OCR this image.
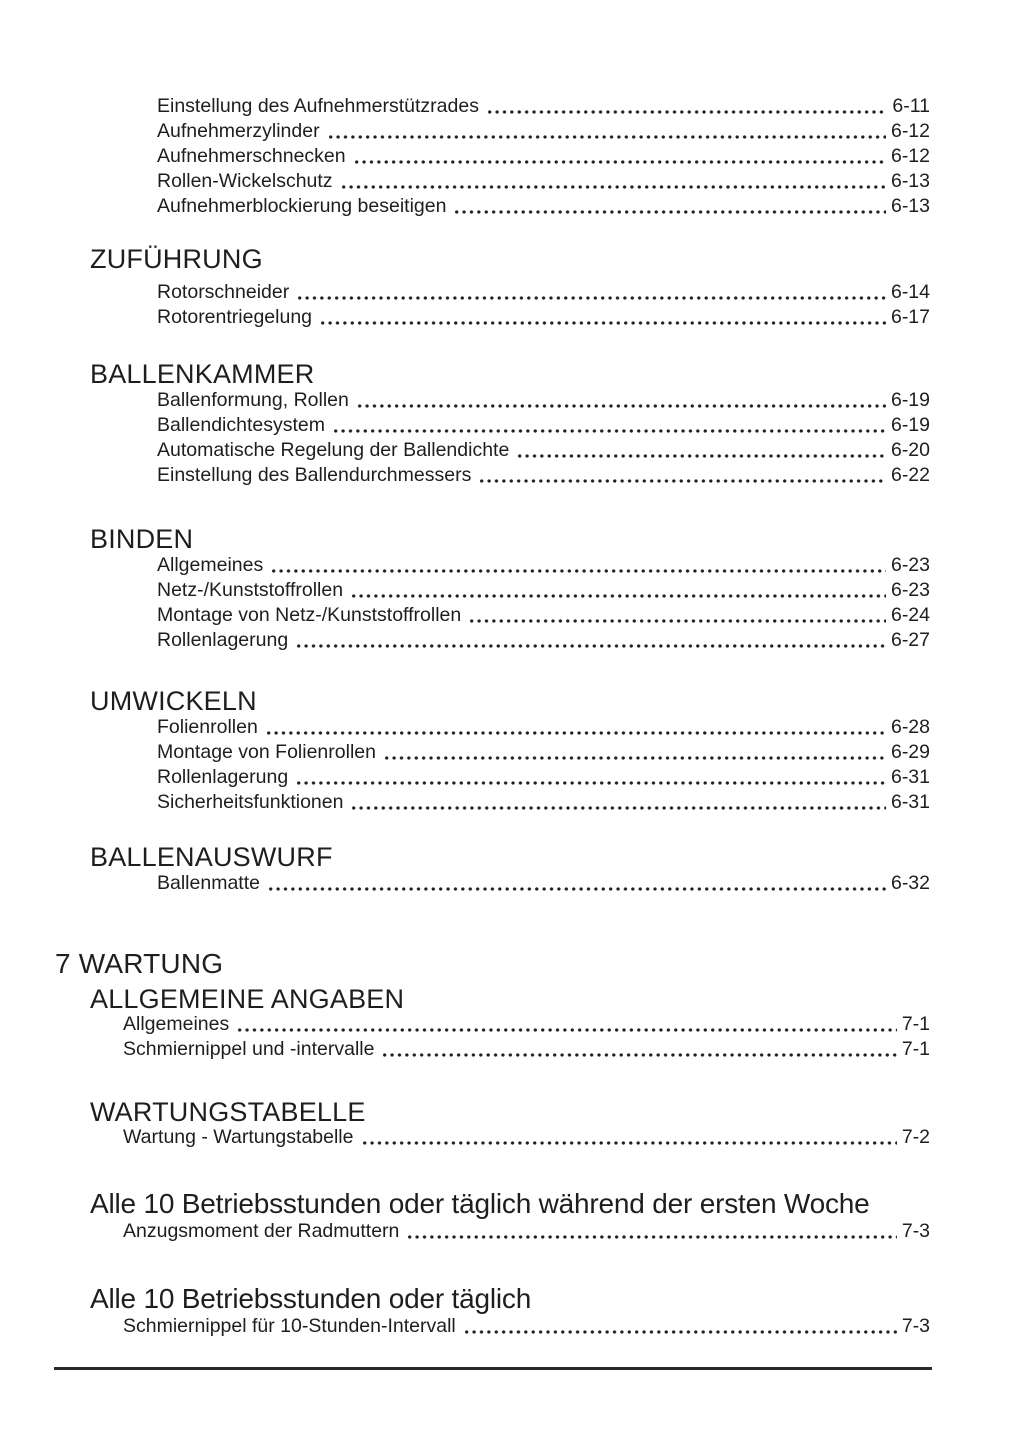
Einstellung des Aufnehmerstützrades	6-11
Aufnehmerzylinder	6-12
Aufnehmerschnecken	6-12
Rollen-Wickelschutz	6-13
Aufnehmerblockierung beseitigen	6-13
ZUFÜHRUNG
Rotorschneider	6-14
Rotorentriegelung	6-17
BALLENKAMMER
Ballenformung, Rollen	6-19
Ballendichtesystem	6-19
Automatische Regelung der Ballendichte	6-20
Einstellung des Ballendurchmessers	6-22
BINDEN
Allgemeines	6-23
Netz-/Kunststoffrollen	6-23
Montage von Netz-/Kunststoffrollen	6-24
Rollenlagerung	6-27
UMWICKELN
Folienrollen	6-28
Montage von Folienrollen	6-29
Rollenlagerung	6-31
Sicherheitsfunktionen	6-31
BALLENAUSWURF
Ballenmatte	6-32
7 WARTUNG
ALLGEMEINE ANGABEN
Allgemeines	7-1
Schmiernippel und -intervalle	7-1
WARTUNGSTABELLE
Wartung - Wartungstabelle	7-2
Alle 10 Betriebsstunden oder täglich während der ersten Woche
Anzugsmoment der Radmuttern	7-3
Alle 10 Betriebsstunden oder täglich
Schmiernippel für 10-Stunden-Intervall	7-3
